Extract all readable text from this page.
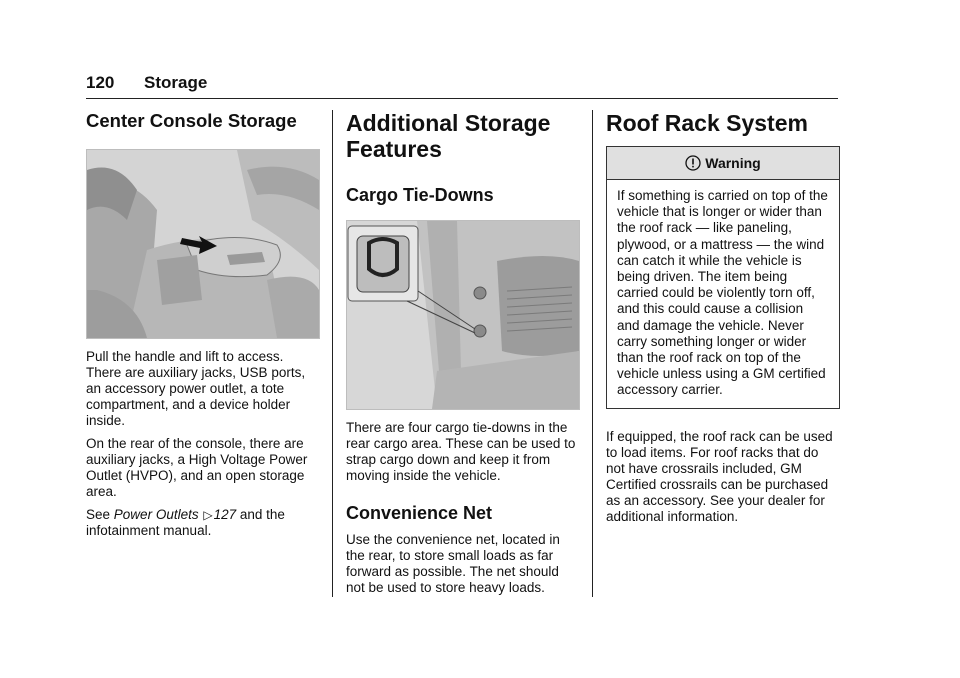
120 Storage
Center Console Storage

Pull the handle and lift to access. There are auxiliary jacks, USB ports, an accessory power outlet, a tote compartment, and a device holder inside.

On the rear of the console, there are auxiliary jacks, a High Voltage Power Outlet (HVPO), and an open storage area.

See Power Outlets ▷127 and the infotainment manual.

Additional Storage Features
Cargo Tie-Downs

There are four cargo tie-downs in the rear cargo area. These can be used to strap cargo down and keep it from moving inside the vehicle.

Convenience Net

Use the convenience net, located in the rear, to store small loads as far forward as possible. The net should not be used to store heavy loads.

Roof Rack System
Warning

If something is carried on top of the vehicle that is longer or wider than the roof rack — like paneling, plywood, or a mattress — the wind can catch it while the vehicle is being driven. The item being carried could be violently torn off, and this could cause a collision and damage the vehicle. Never carry something longer or wider than the roof rack on top of the vehicle unless using a GM certified accessory carrier.

If equipped, the roof rack can be used to load items. For roof racks that do not have crossrails included, GM Certified crossrails can be purchased as an accessory. See your dealer for additional information.
